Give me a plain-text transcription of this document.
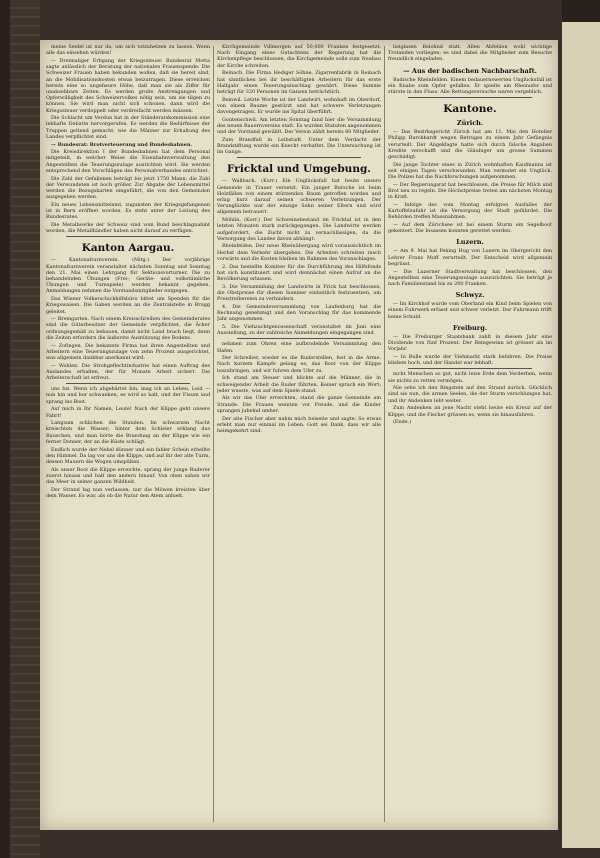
meine Seidel ist nur da, um sich totzuhetzen zu lassen. Wenn alle das einsehen würden!

— Dreimaliger Erbgang der Kriegssteuer. Bundesrat Motta sagte anlässlich der Beratung der nationalen Frauenspende: Die Schweizer Frauen haben bekunden wollen, daß sie bereit sind, an die Mobilisationskosten etwas beizutragen. Diese erreichen bereits eine so ungeheure Höhe, daß man sie als Ziffer für unabsehbare Zeiten. Es werden große Anstrengungen und Opferwilligkeit des Schweizervolkes nötig sein, um sie tilgen zu können. Sie wird man nicht sich schonen, dann wird die Kriegssteuer verdoppelt oder verdreifacht werden müssen.

Die Schlacht um Verdun hat in der Ständeratskommission eine lebhafte Debatte hervorgerufen. Es werden die Bedürfnisse der Truppen geltend gemacht, wie die Männer zur Erhaltung des Landes verpflichtet sind.

— Bundesrat: Brotverteuerung und Bundesbahnen.

Die Kreisdirektion I der Bundesbahnen hat dem Personal mitgeteilt, in welcher Weise die Eisenbahnverwaltung den Angestellten die Teuerungszulage ausrichten wird. Sie werden entsprechend den Vorschlägen des Personalverbandes entrichtet.

Die Zahl der Gefallenen beträgt bis jetzt 1750 Mann; die Zahl der Verwundeten ist noch größer. Zur Abgabe der Lebensmittel werden die Bezugskarten eingeführt, die von den Gemeinden ausgegeben werden.

Ein neues Lebensmittelamt, zugunsten der Kriegsgefangenen ist in Bern eröffnet worden. Es steht unter der Leitung des Bundesrates.

Die Metallwerke der Schweiz sind vom Bund beschlagnahmt worden, die Metallhändler haben nicht darauf zu verfügen.

Kanton Aargau.

— Kantonalturnverein. (Mitg.) Der vorjährige Kantonalturnverein veranstaltet nächsten Sonntag und Sonntag den 21. Mai einen Lehrgang für Sektionsvorturner. Die zu behandelnden Übungen (Frei-, Geräte- und volkstümliche Übungen und Turnspiele) werden bekannt gegeben. Anmeldungen nehmen die Vorstandsmitglieder entgegen.

Das Wiener Volkerschickhilfsbüro bittet um Spenden für die Kriegswaisen. Die Gaben werden an die Zentralstelle in Brugg geleitet.

— Bremgarten. Nach einem Kreisschreiben des Gemeinderates sind die Güterbesitzer der Gemeinde verpflichtet, die Äcker ordnungsgemäß zu bebauen, damit nicht Land brach liegt, denn die Zeiten erfordern die äußerste Ausnützung des Bodens.

— Zofingen. Die bekannte Firma hat ihren Angestellten und Arbeitern eine Teuerungszulage von zehn Prozent ausgerichtet, was allgemein dankbar anerkannt wird.

— Wohlen. Die Strohgeflechtindustrie hat einen Auftrag des Auslandes erhalten, der für Monate Arbeit sichert. Die Arbeiterschaft ist erfreut.

uns bis. Wenn ich abgehärtet bin, mag ich an Leben, Leid — nun hin und her schwanken, es wird so kalt, und der Flaum und sprang ins Boot.

Auf mich in Ihr Namen, Leute! Nach der Klippe geht unsere Fahrt!

Langsam schlichen die Stunden. Im schwarzen Nacht kreischten die Wasser; hinter dem Schleier erklang das Rauschen, und man hörte die Brandung an der Klippe wie ein ferner Donner, der an die Küste schlägt.

Endlich wurde der Nebel dünner und ein fahler Schein erhellte den Himmel. Da lag vor uns die Klippe, und auf ihr der alte Turm, dessen Mauern die Wogen umspülten.

Als unser Boot die Klippe erreichte, sprang der junge Ruderer zuerst hinaus und half den andern hinauf. Von oben sahen wir das Meer in seiner ganzen Wildheit.

Der Strand lag nun verlassen; nur die Möwen kreisten über dem Wasser. Es war, als ob die Natur den Atem anhielt.

Kirchgemeinde Villmergen auf 50,000 Franken festgesetzt. Nach Eingang eines Gutachtens der Regierung hat die Kirchenpflege beschlossen, die Kirchgemeinde solle zum Neubau der Kirche schreiten.

Reinach. Die Firma Hediger Söhne, Zigarrenfabrik in Reinach hat sämtlichen bei ihr beschäftigten Arbeitern für das erste Halbjahr einen Teuerungszuschlag gewährt. Diese Summe beträgt für 320 Personen im Ganzen beträchtlich.

Beinwil. Letzte Woche ist der Landwirt, wohnhaft im Oberdorf, von einem Baume gestürzt und hat schwere Verletzungen davongetragen. Er wurde ins Spital überführt.

Gontenschwil. Am letzten Sonntag fand hier die Versammlung des neuen Bauernvereins statt. Es wurden Statuten angenommen und der Vorstand gewählt. Der Verein zählt bereits 80 Mitglieder.

Zum Brandfall in Leibstadt. Unter dem Verdacht der Brandstiftung wurde ein Knecht verhaftet. Die Untersuchung ist im Gange.

Fricktal und Umgebung.

— Wallbach. (Korr.) Ein Unglücksfall hat heute unsere Gemeinde in Trauer versetzt. Ein junger Bursche ist beim Holzfällen von einem stürzenden Baum getroffen worden und erlag kurz darauf seinen schweren Verletzungen. Der Verunglückte war der einzige Sohn seiner Eltern und wird allgemein betrauert.

Möhlin. (Korr.) Der Schweinebestand im Fricktal ist in den letzten Monaten stark zurückgegangen. Die Landwirte werden aufgefordert, die Zucht nicht zu vernachlässigen, da die Versorgung des Landes davon abhängt.

Rheinfelden. Der neue Rheinübergang wird voraussichtlich im Herbst dem Verkehr übergeben. Die Arbeiten schreiten rasch vorwärts und die Kosten bleiben im Rahmen des Voranschlages.

2. Das bestellte Komitee für die Durchführung des Hilfsfonds hat sich konstituiert und wird demnächst einen Aufruf an die Bevölkerung erlassen.

3. Die Versammlung der Landwirte in Frick hat beschlossen, die Obstpreise für diesen Sommer einheitlich festzusetzen, um Preistreibereien zu verhindern.

4. Die Gemeindeversammlung von Laufenburg hat die Rechnung genehmigt und den Voranschlag für das kommende Jahr angenommen.

5. Die Viehzuchtgenossenschaft veranstaltet im Juni eine Ausstellung, zu der zahlreiche Anmeldungen eingegangen sind.

nehmen zum Ohren eine aufbrodelnde Versammlung den Hafen.

Der Schreiber, wieder es die Ruderstellen, fest in die Arme. Nach kurzem Kampfe gelang es, das Boot von der Klippe loszubringen, und wir fuhren dem Ufer zu.

Ich stand am Steuer und blickte auf die Männer, die in schweigender Arbeit die Ruder führten. Keiner sprach ein Wort; jeder wusste, was auf dem Spiele stand.

Als wir das Ufer erreichten, stand die ganze Gemeinde am Strande. Die Frauen weinten vor Freude, und die Kinder sprangen jubelnd umher.

Der alte Fischer aber nahm mich beiseite und sagte: So etwas erlebt man nur einmal im Leben. Gott sei Dank, dass wir alle heimgekehrt sind.

lieiglasen Belohnd statt. Allen Abfehlen wohl wichtige Trotanden vorliegen; es sind dabei die Mitglieder zum Besuche freundlich eingeladen.

— Aus der badischen Nachbarschaft.

Badische Rheinfelden. Einem bedauernswerten Unglücksfall ist ein Knabe zum Opfer gefallen. Er spielte am Rheinufer und stürzte in den Fluss. Alle Rettungsversuche waren vergeblich.

Kantone.
Zürich.

— Das Bezirksgericht Zürich hat am 11. Mai den Hotelier Philipp Burckhardt wegen Betruges zu einem Jahr Gefängnis verurteilt. Der Angeklagte hatte sich durch falsche Angaben Kredite verschafft und die Gläubiger um grosse Summen geschädigt.

Die junge Tochter eines in Zürich wohnhaften Kaufmanns ist seit einigen Tagen verschwunden. Man vermutet ein Unglück. Die Polizei hat die Nachforschungen aufgenommen.

— Der Regierungsrat hat beschlossen, die Preise für Milch und Brot neu zu regeln. Die Höchstpreise treten am nächsten Montag in Kraft.

— Infolge des vom Montag erfolgten Ausfalles der Kartoffelzufuhr ist die Versorgung der Stadt gefährdet. Die Behörden treffen Massnahmen.

— Auf dem Zürichsee ist bei einem Sturm ein Segelboot gekentert. Die Insassen konnten gerettet werden.

Luzern.

— Am 9. Mai hat Peking Hug von Luzern im Obergericht den Lehrer Franz Muff verurteilt. Der Entscheid wird allgemein begrüsst.

— Die Luzerner Stadtverwaltung hat beschlossen, den Angestellten eine Teuerungszulage auszurichten. Sie beträgt je nach Familienstand bis zu 200 Franken.

Schwyz.

— Im Kirchhof wurde vom Oberland ein Kind beim Spielen von einem Fuhrwerk erfasst und schwer verletzt. Der Fuhrmann trifft keine Schuld.

Freiburg.

— Die Freiburger Staatsbank zahlt in diesem Jahr eine Dividende von fünf Prozent. Der Reingewinn ist grösser als im Vorjahr.

— In Bulle wurde der Viehmarkt stark befahren. Die Preise blieben hoch, und der Handel war lebhaft.

nicht Menschen so gut, nicht leise Erde dem Verderben, wenn sie nichts zu retten vermögen.

Nie sehe ich den Ringstein auf den Strand zurück. Glücklich sind sie nun, die armen Seelen, die der Sturm verschlungen hat, und ihr Andenken lebt weiter.

Zum Andenken an jene Nacht steht heute ein Kreuz auf der Klippe, und die Fischer grüssen es, wenn sie hinausfahren.

(Ende.)
